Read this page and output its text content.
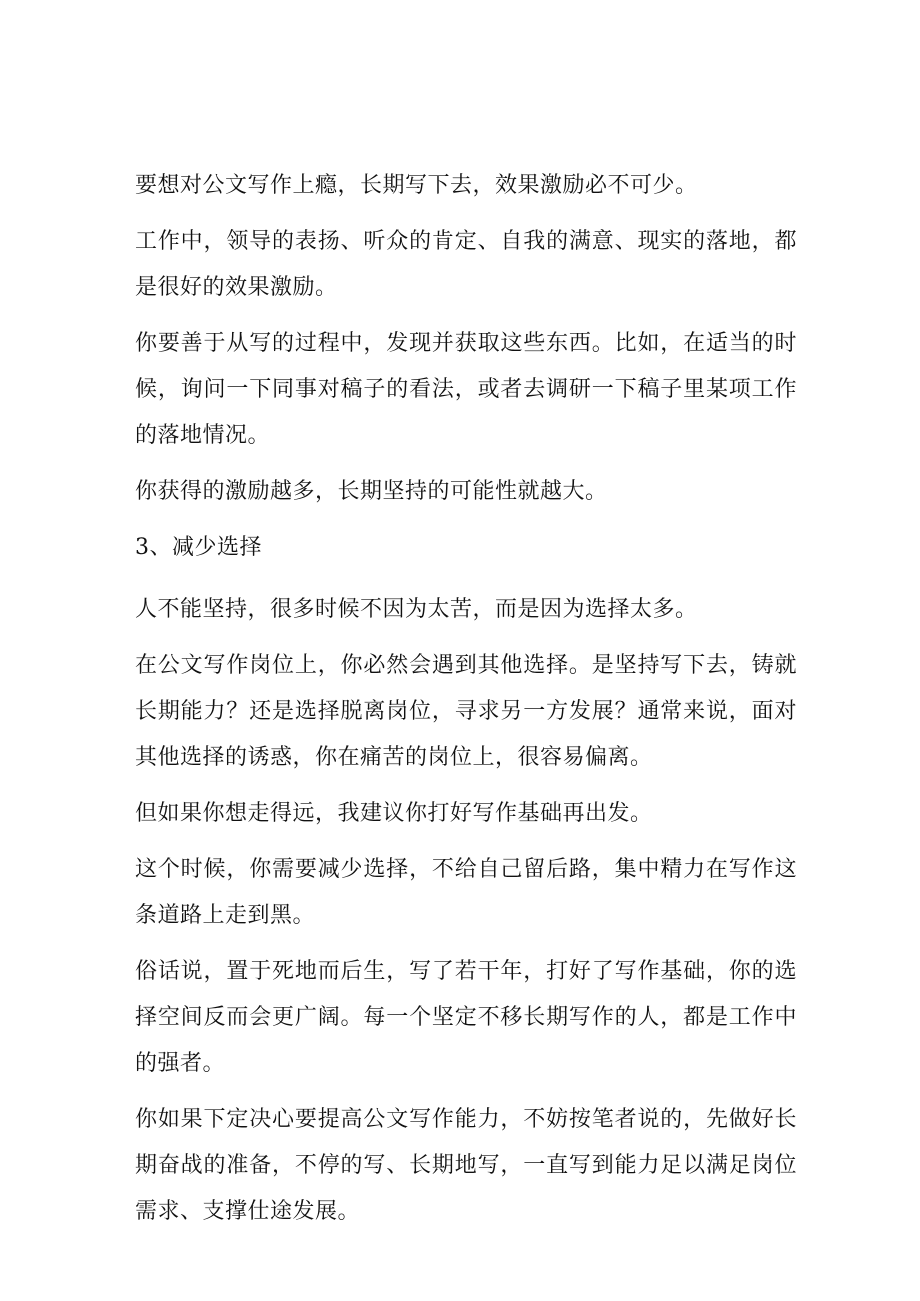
要想对公文写作上瘾，长期写下去，效果激励必不可少。

工作中，领导的表扬、听众的肯定、自我的满意、现实的落地，都是很好的效果激励。

你要善于从写的过程中，发现并获取这些东西。比如，在适当的时候，询问一下同事对稿子的看法，或者去调研一下稿子里某项工作的落地情况。

你获得的激励越多，长期坚持的可能性就越大。

3、减少选择

人不能坚持，很多时候不因为太苦，而是因为选择太多。

在公文写作岗位上，你必然会遇到其他选择。是坚持写下去，铸就长期能力？还是选择脱离岗位，寻求另一方发展？通常来说，面对其他选择的诱惑，你在痛苦的岗位上，很容易偏离。

但如果你想走得远，我建议你打好写作基础再出发。

这个时候，你需要减少选择，不给自己留后路，集中精力在写作这条道路上走到黑。

俗话说，置于死地而后生，写了若干年，打好了写作基础，你的选择空间反而会更广阔。每一个坚定不移长期写作的人，都是工作中的强者。

你如果下定决心要提高公文写作能力，不妨按笔者说的，先做好长期奋战的准备，不停的写、长期地写，一直写到能力足以满足岗位需求、支撑仕途发展。
